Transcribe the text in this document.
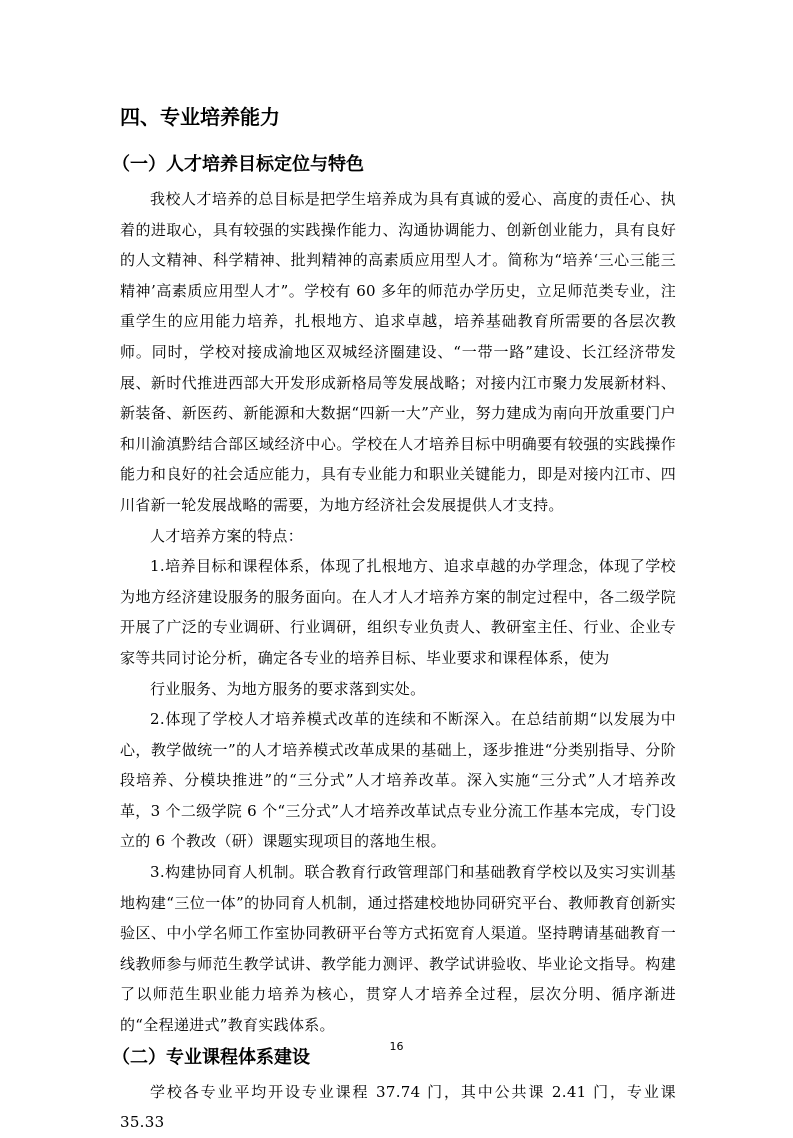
四、专业培养能力
（一）人才培养目标定位与特色

我校人才培养的总目标是把学生培养成为具有真诚的爱心、高度的责任心、执着的进取心，具有较强的实践操作能力、沟通协调能力、创新创业能力，具有良好的人文精神、科学精神、批判精神的高素质应用型人才。简称为“培养‘三心三能三精神’高素质应用型人才”。学校有 60 多年的师范办学历史，立足师范类专业，注重学生的应用能力培养，扎根地方、追求卓越，培养基础教育所需要的各层次教师。同时，学校对接成渝地区双城经济圈建设、“一带一路”建设、长江经济带发展、新时代推进西部大开发形成新格局等发展战略；对接内江市聚力发展新材料、新装备、新医药、新能源和大数据“四新一大”产业，努力建成为南向开放重要门户和川渝滇黔结合部区域经济中心。学校在人才培养目标中明确要有较强的实践操作能力和良好的社会适应能力，具有专业能力和职业关键能力，即是对接内江市、四川省新一轮发展战略的需要，为地方经济社会发展提供人才支持。

人才培养方案的特点：

1.培养目标和课程体系，体现了扎根地方、追求卓越的办学理念，体现了学校为地方经济建设服务的服务面向。在人才人才培养方案的制定过程中，各二级学院开展了广泛的专业调研、行业调研，组织专业负责人、教研室主任、行业、企业专家等共同讨论分析，确定各专业的培养目标、毕业要求和课程体系，使为

行业服务、为地方服务的要求落到实处。

2.体现了学校人才培养模式改革的连续和不断深入。在总结前期“以发展为中心，教学做统一”的人才培养模式改革成果的基础上，逐步推进“分类别指导、分阶段培养、分模块推进”的“三分式”人才培养改革。深入实施“三分式”人才培养改革，3 个二级学院 6 个“三分式”人才培养改革试点专业分流工作基本完成，专门设立的 6 个教改（研）课题实现项目的落地生根。

3.构建协同育人机制。联合教育行政管理部门和基础教育学校以及实习实训基地构建“三位一体”的协同育人机制，通过搭建校地协同研究平台、教师教育创新实验区、中小学名师工作室协同教研平台等方式拓宽育人渠道。坚持聘请基础教育一线教师参与师范生教学试讲、教学能力测评、教学试讲验收、毕业论文指导。构建了以师范生职业能力培养为核心，贯穿人才培养全过程，层次分明、循序渐进的“全程递进式”教育实践体系。

（二）专业课程体系建设

学校各专业平均开设专业课程 37.74 门，其中公共课 2.41 门，专业课 35.33

16
